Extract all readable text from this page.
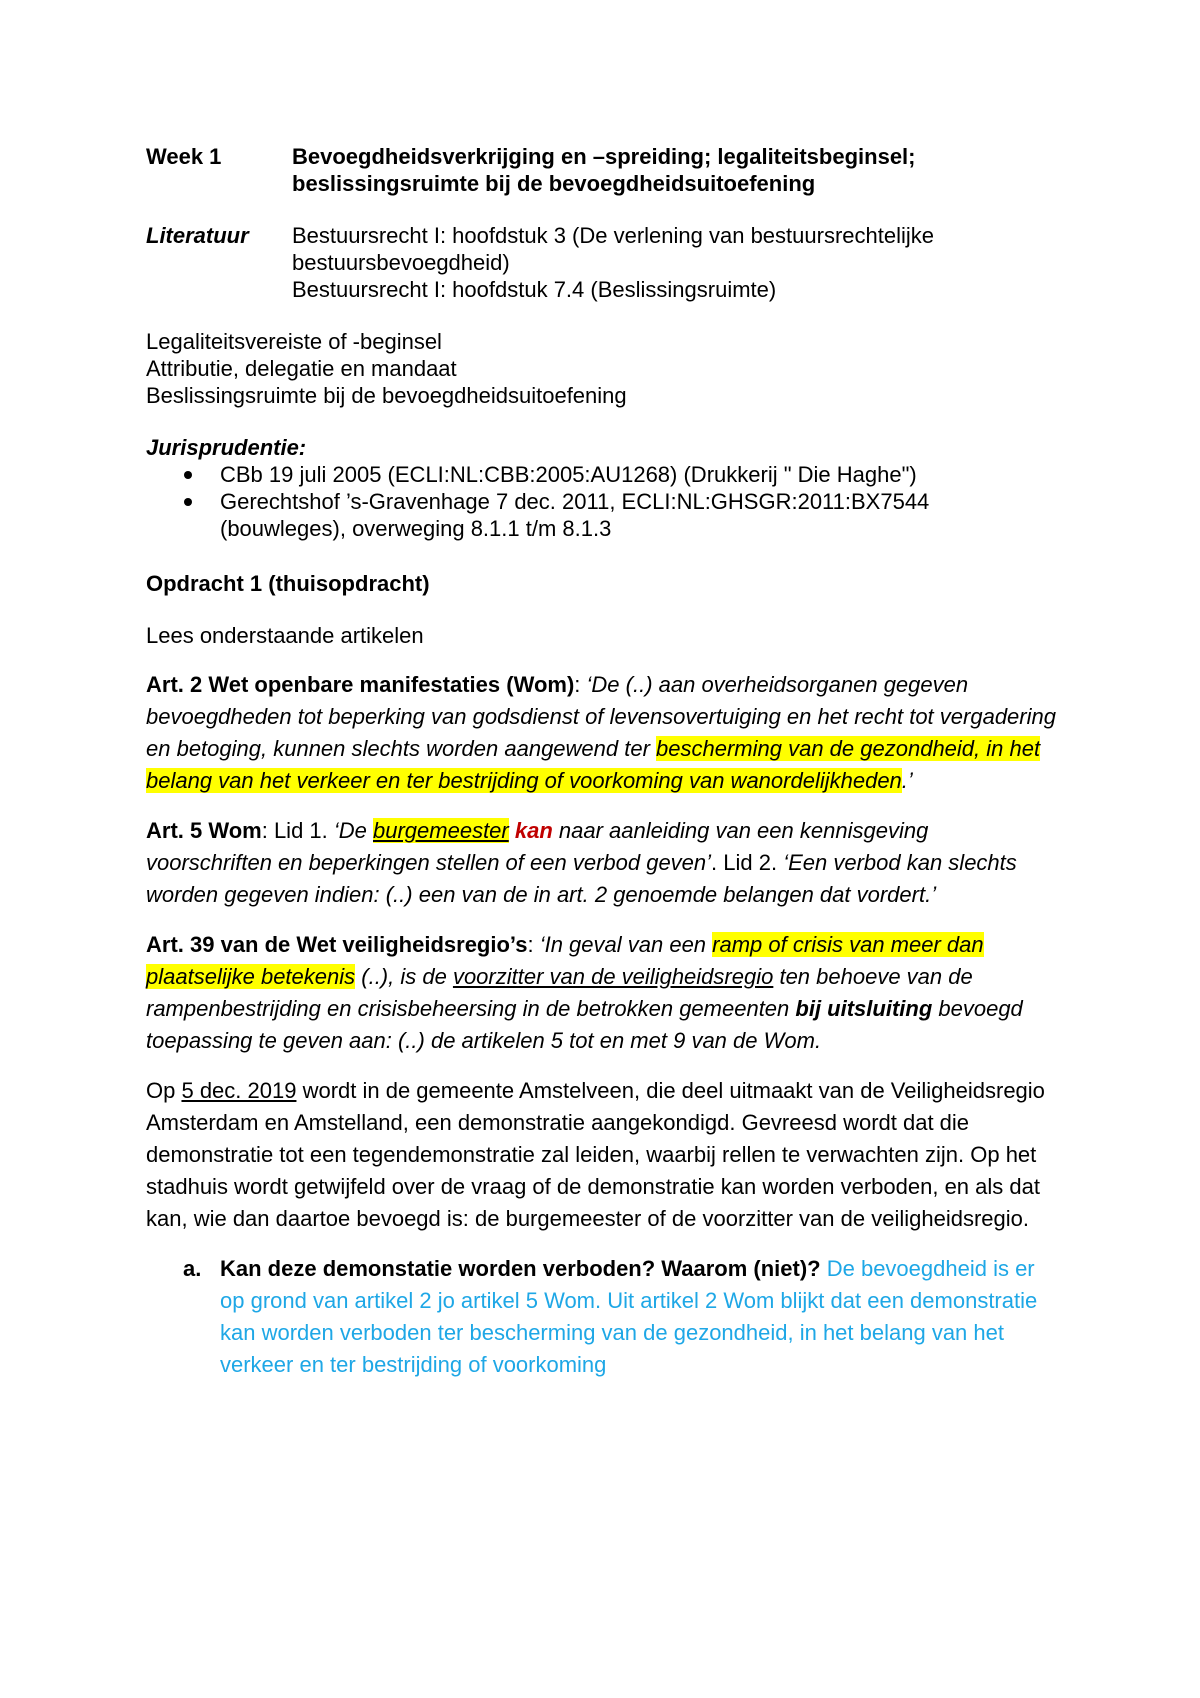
Week 1	Bevoegdheidsverkrijging en –spreiding; legaliteitsbeginsel;
beslissingsruimte bij de bevoegdheidsuitoefening
Literatuur	Bestuursrecht I: hoofdstuk 3 (De verlening van bestuursrechtelijke
bestuursbevoegdheid)
Bestuursrecht I: hoofdstuk 7.4 (Beslissingsruimte)
Legaliteitsvereiste of -beginsel
Attributie, delegatie en mandaat
Beslissingsruimte bij de bevoegdheidsuitoefening
Jurisprudentie:
CBb 19 juli 2005 (ECLI:NL:CBB:2005:AU1268) (Drukkerij " Die Haghe")
Gerechtshof ’s-Gravenhage 7 dec. 2011, ECLI:NL:GHSGR:2011:BX7544
(bouwleges), overweging 8.1.1 t/m 8.1.3
Opdracht 1 (thuisopdracht)
Lees onderstaande artikelen
Art. 2 Wet openbare manifestaties (Wom): ‘De (..) aan overheidsorganen gegeven bevoegdheden tot beperking van godsdienst of levensovertuiging en het recht tot vergadering en betoging, kunnen slechts worden aangewend ter bescherming van de gezondheid, in het belang van het verkeer en ter bestrijding of voorkoming van wanordelijkheden.’
Art. 5 Wom: Lid 1. ‘De burgemeester kan naar aanleiding van een kennisgeving voorschriften en beperkingen stellen of een verbod geven’. Lid 2. ‘Een verbod kan slechts worden gegeven indien: (..) een van de in art. 2 genoemde belangen dat vordert.’
Art. 39 van de Wet veiligheidsregio’s: ‘In geval van een ramp of crisis van meer dan plaatselijke betekenis (..), is de voorzitter van de veiligheidsregio ten behoeve van de rampenbestrijding en crisisbeheersing in de betrokken gemeenten bij uitsluiting bevoegd toepassing te geven aan: (..) de artikelen 5 tot en met 9 van de Wom.
Op 5 dec. 2019 wordt in de gemeente Amstelveen, die deel uitmaakt van de Veiligheidsregio Amsterdam en Amstelland, een demonstratie aangekondigd. Gevreesd wordt dat die demonstratie tot een tegendemonstratie zal leiden, waarbij rellen te verwachten zijn. Op het stadhuis wordt getwijfeld over de vraag of de demonstratie kan worden verboden, en als dat kan, wie dan daartoe bevoegd is: de burgemeester of de voorzitter van de veiligheidsregio.
a. Kan deze demonstatie worden verboden? Waarom (niet)? De bevoegdheid is er op grond van artikel 2 jo artikel 5 Wom. Uit artikel 2 Wom blijkt dat een demonstratie kan worden verboden ter bescherming van de gezondheid, in het belang van het verkeer en ter bestrijding of voorkoming
